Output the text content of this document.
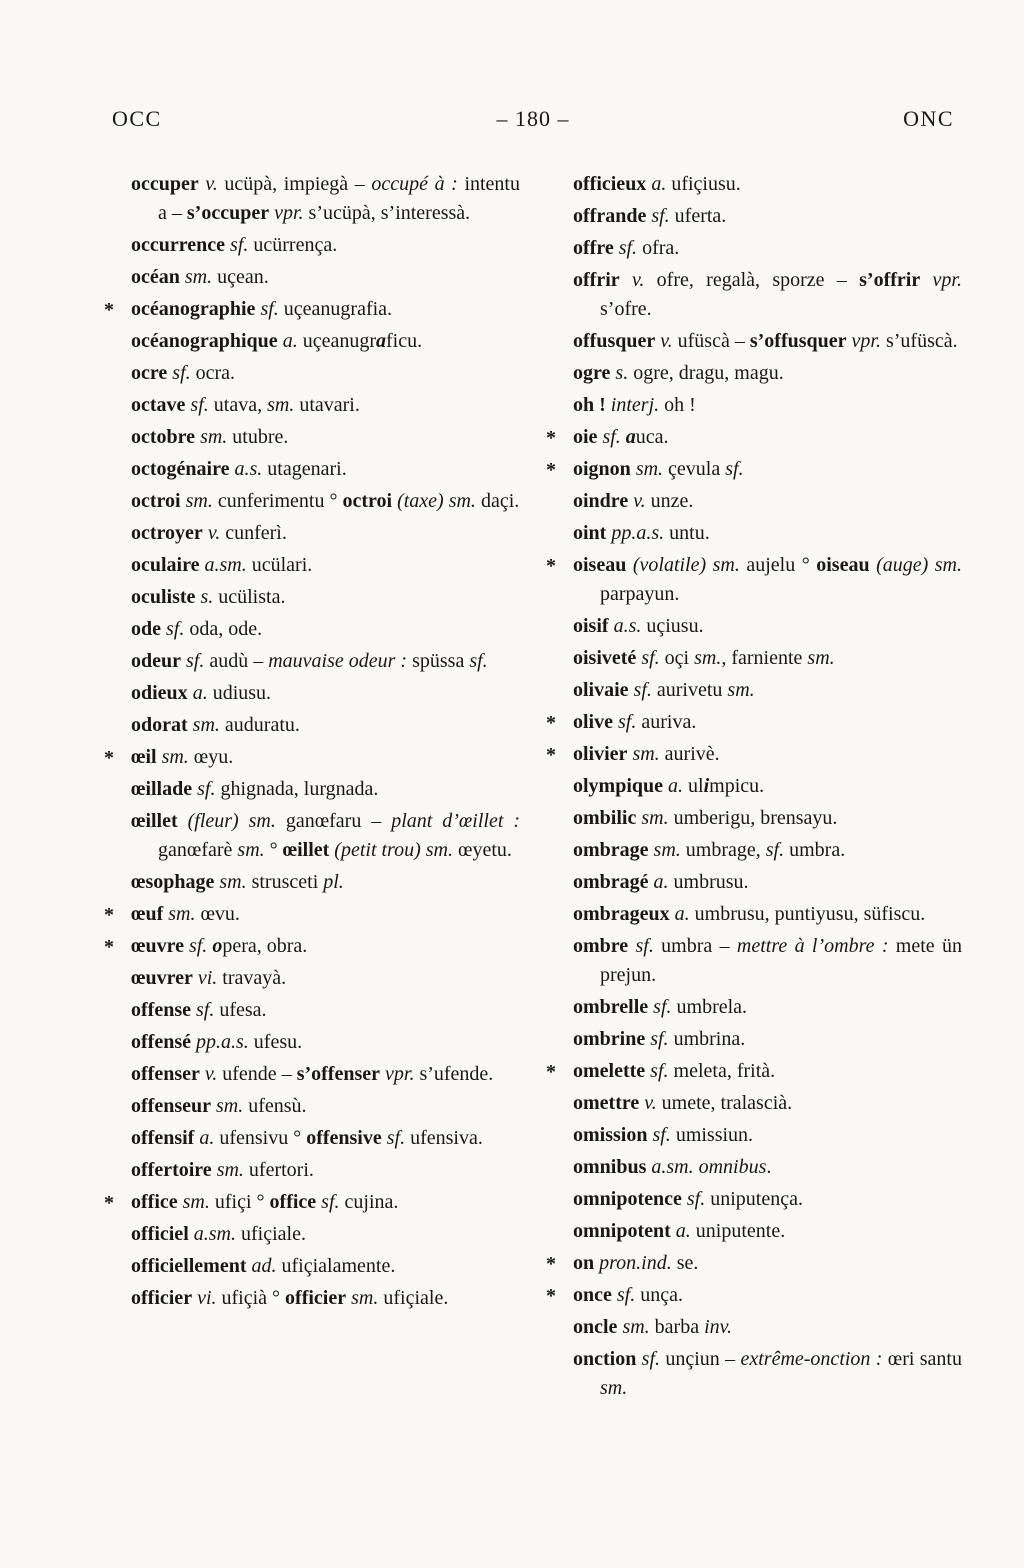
OCC	– 180 –	ONC

occuper v. ucüpà, impiegà – occupé à : intentu a – s’occuper vpr. s’ucüpà, s’interessà.

occurrence sf. ucürrença.

océan sm. uçean.

* océanographie sf. uçeanugrafia.

océanographique a. uçeanugraficu.

ocre sf. ocra.

octave sf. utava, sm. utavari.

octobre sm. utubre.

octogénaire a.s. utagenari.

octroi sm. cunferimentu ° octroi (taxe) sm. daçi.

octroyer v. cunferì.

oculaire a.sm. ucülari.

oculiste s. ucülista.

ode sf. oda, ode.

odeur sf. audù – mauvaise odeur : spüssa sf.

odieux a. udiusu.

odorat sm. auduratu.

* œil sm. œyu.

œillade sf. ghignada, lurgnada.

œillet (fleur) sm. ganœfaru – plant d’œillet : ganœfarè sm. ° œillet (petit trou) sm. œyetu.

œsophage sm. strusceti pl.

* œuf sm. œvu.

* œuvre sf. opera, obra.

œuvrer vi. travayà.

offense sf. ufesa.

offensé pp.a.s. ufesu.

offenser v. ufende – s’offenser vpr. s’ufende.

offenseur sm. ufensù.

offensif a. ufensivu ° offensive sf. ufensiva.

offertoire sm. ufertori.

* office sm. ufiçi ° office sf. cujina.

officiel a.sm. ufiçiale.

officiellement ad. ufiçialamente.

officier vi. ufiçià ° officier sm. ufiçiale.

officieux a. ufiçiusu.

offrande sf. uferta.

offre sf. ofra.

offrir v. ofre, regalà, sporze – s’offrir vpr. s’ofre.

offusquer v. ufüscà – s’offusquer vpr. s’ufüscà.

ogre s. ogre, dragu, magu.

oh ! interj. oh !

* oie sf. auca.

* oignon sm. çevula sf.

oindre v. unze.

oint pp.a.s. untu.

* oiseau (volatile) sm. aujelu ° oiseau (auge) sm. parpayun.

oisif a.s. uçiusu.

oisiveté sf. oçi sm., farniente sm.

olivaie sf. aurivetu sm.

* olive sf. auriva.

* olivier sm. aurivè.

olympique a. ulimpicu.

ombilic sm. umberigu, brensayu.

ombrage sm. umbrage, sf. umbra.

ombragé a. umbrusu.

ombrageux a. umbrusu, puntiyusu, süfiscu.

ombre sf. umbra – mettre à l’ombre : mete ün prejun.

ombrelle sf. umbrela.

ombrine sf. umbrina.

* omelette sf. meleta, frità.

omettre v. umete, tralascià.

omission sf. umissiun.

omnibus a.sm. omnibus.

omnipotence sf. uniputença.

omnipotent a. uniputente.

* on pron.ind. se.

* once sf. unça.

oncle sm. barba inv.

onction sf. unçiun – extrême-onction : œri santu sm.
